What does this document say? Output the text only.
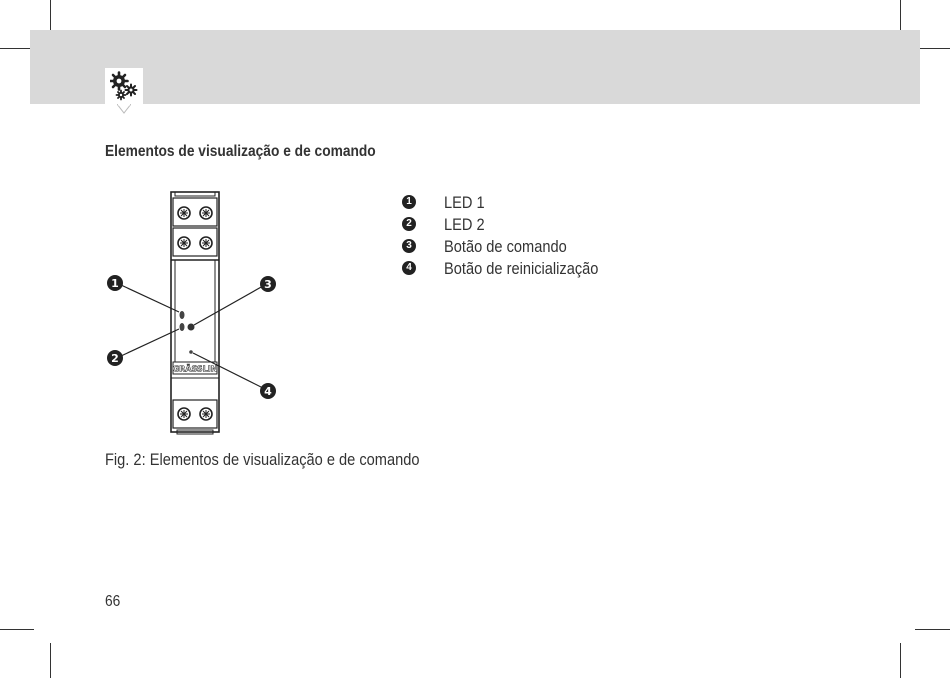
Elementos de visualização e de comando
GRÄSSLIN
1
2
3
4
1 LED 1
2 LED 2
3 Botão de comando
4 Botão de reinicialização
Fig. 2: Elementos de visualização e de comando
66
